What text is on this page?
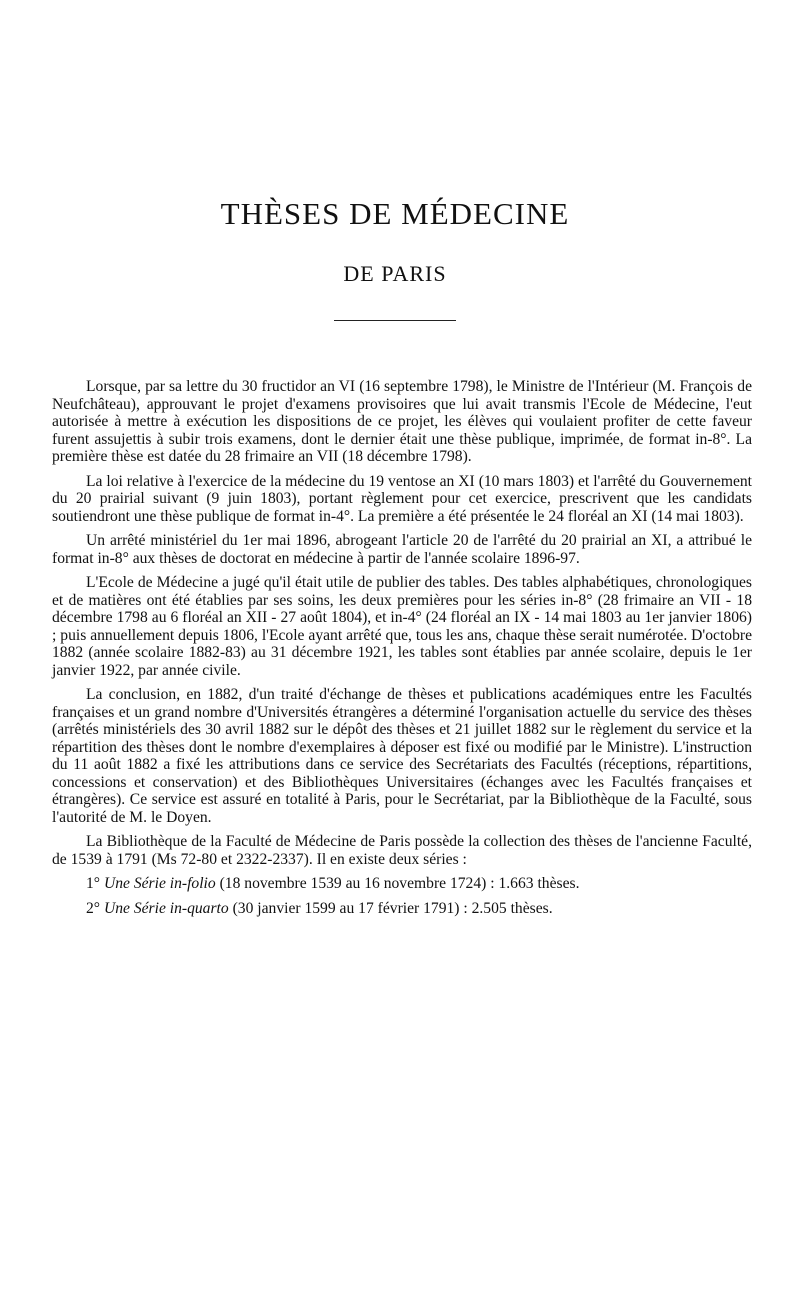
THÈSES DE MÉDECINE
DE PARIS

Lorsque, par sa lettre du 30 fructidor an VI (16 septembre 1798), le Ministre de l'Intérieur (M. François de Neufchâteau), approuvant le projet d'examens provisoires que lui avait transmis l'Ecole de Médecine, l'eut autorisée à mettre à exécution les dispositions de ce projet, les élèves qui voulaient profiter de cette faveur furent assujettis à subir trois examens, dont le dernier était une thèse publique, imprimée, de format in-8°. La première thèse est datée du 28 frimaire an VII (18 décembre 1798).

La loi relative à l'exercice de la médecine du 19 ventose an XI (10 mars 1803) et l'arrêté du Gouvernement du 20 prairial suivant (9 juin 1803), portant règlement pour cet exercice, prescrivent que les candidats soutiendront une thèse publique de format in-4°. La première a été présentée le 24 floréal an XI (14 mai 1803).

Un arrêté ministériel du 1er mai 1896, abrogeant l'article 20 de l'arrêté du 20 prairial an XI, a attribué le format in-8° aux thèses de doctorat en médecine à partir de l'année scolaire 1896-97.

L'Ecole de Médecine a jugé qu'il était utile de publier des tables. Des tables alphabétiques, chronologiques et de matières ont été établies par ses soins, les deux premières pour les séries in-8° (28 frimaire an VII - 18 décembre 1798 au 6 floréal an XII - 27 août 1804), et in-4° (24 floréal an IX - 14 mai 1803 au 1er janvier 1806) ; puis annuellement depuis 1806, l'Ecole ayant arrêté que, tous les ans, chaque thèse serait numérotée. D'octobre 1882 (année scolaire 1882-83) au 31 décembre 1921, les tables sont établies par année scolaire, depuis le 1er janvier 1922, par année civile.

La conclusion, en 1882, d'un traité d'échange de thèses et publications académiques entre les Facultés françaises et un grand nombre d'Universités étrangères a déterminé l'organisation actuelle du service des thèses (arrêtés ministériels des 30 avril 1882 sur le dépôt des thèses et 21 juillet 1882 sur le règlement du service et la répartition des thèses dont le nombre d'exemplaires à déposer est fixé ou modifié par le Ministre). L'instruction du 11 août 1882 a fixé les attributions dans ce service des Secrétariats des Facultés (réceptions, répartitions, concessions et conservation) et des Bibliothèques Universitaires (échanges avec les Facultés françaises et étrangères). Ce service est assuré en totalité à Paris, pour le Secrétariat, par la Bibliothèque de la Faculté, sous l'autorité de M. le Doyen.

La Bibliothèque de la Faculté de Médecine de Paris possède la collection des thèses de l'ancienne Faculté, de 1539 à 1791 (Ms 72-80 et 2322-2337). Il en existe deux séries :

1° Une Série in-folio (18 novembre 1539 au 16 novembre 1724) : 1.663 thèses.
2° Une Série in-quarto (30 janvier 1599 au 17 février 1791) : 2.505 thèses.
